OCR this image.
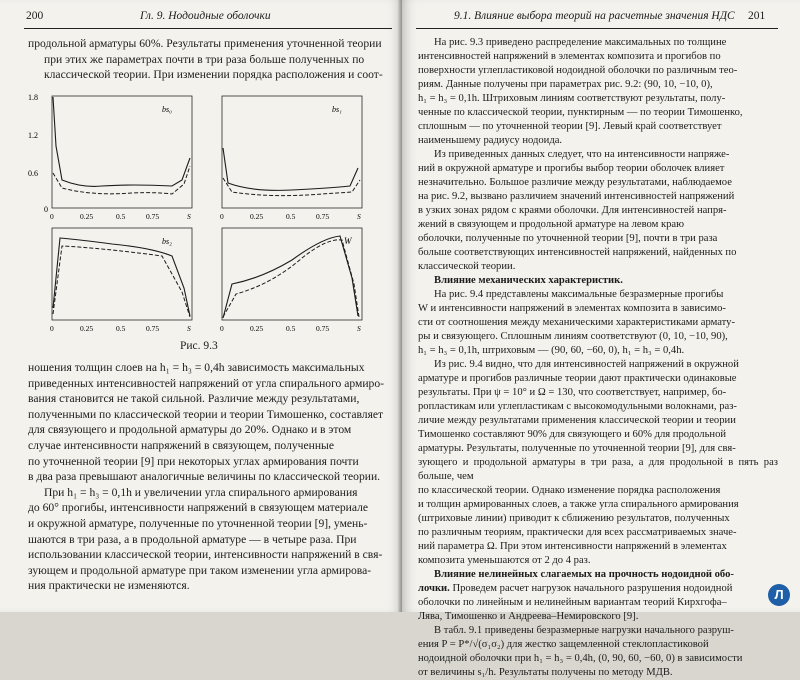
200	Гл. 9. Нодоидные оболочки

продольной арматуры 60%. Результаты применения уточненной теории

при этих же параметрах почти в три раза больше полученных по

классической теории. При изменении порядка расположения и соот-

1.8
1.2
0.6
0
bs₀
0	0.25	0.5	0.75	S
bs₁
0	0.25	0.5	0.75	S
bs₂
0	0.25	0.5	0.75	S
W
0	0.25	0.5	0.75	S
Рис. 9.3

ношения толщин слоев на h₁ = h₃ = 0,4h зависимость максимальных

приведенных интенсивностей напряжений от угла спирального армиро-

вания становится не такой сильной. Различие между результатами,

полученными по классической теории и теории Тимошенко, составляет

для связующего и продольной арматуры до 20%. Однако и в этом

случае интенсивности напряжений в связующем, полученные

по уточненной теории [9] при некоторых углах армирования почти

в два раза превышают аналогичные величины по классической теории.

При h₁ = h₃ = 0,1h и увеличении угла спирального армирования

до 60° прогибы, интенсивности напряжений в связующем материале

и окружной арматуре, полученные по уточненной теории [9], умень-

шаются в три раза, а в продольной арматуре — в четыре раза. При

использовании классической теории, интенсивности напряжений в свя-

зующем и продольной арматуре при таком изменении угла армирова-

ния практически не изменяются.

9.1. Влияние выбора теорий на расчетные значения НДС 201

На рис. 9.3 приведено распределение максимальных по толщине

интенсивностей напряжений в элементах композита и прогибов по

поверхности углепластиковой нодоидной оболочки по различным тео-

риям. Данные получены при параметрах рис. 9.2: (90, 10, −10, 0),

h₁ = h₃ = 0,1h. Штриховым линиям соответствуют результаты, полу-

ченные по классической теории, пунктирным — по теории Тимошенко,

сплошным — по уточненной теории [9]. Левый край соответствует

наименьшему радиусу нодоида.

Из приведенных данных следует, что на интенсивности напряже-

ний в окружной арматуре и прогибы выбор теории оболочек влияет

незначительно. Большое различие между результатами, наблюдаемое

на рис. 9.2, вызвано различием значений интенсивностей напряжений

в узких зонах рядом с краями оболочки. Для интенсивностей напря-

жений в связующем и продольной арматуре на левом краю

оболочки, полученные по уточненной теории [9], почти в три раза

больше соответствующих интенсивностей напряжений, найденных по

классической теории.

Влияние механических характеристик.

На рис. 9.4 представлены максимальные безразмерные прогибы

W и интенсивности напряжений в элементах композита в зависимо-

сти от соотношения между механическими характеристиками армату-

ры и связующего. Сплошным линиям соответствуют (0, 10, −10, 90),

h₁ = h₃ = 0,1h, штриховым — (90, 60, −60, 0), h₁ = h₃ = 0,4h.

Из рис. 9.4 видно, что для интенсивностей напряжений в окружной

арматуре и прогибов различные теории дают практически одинаковые

результаты. При ψ = 10° и Ω = 130, что соответствует, например, бо-

ропластикам или углепластикам с высокомодульными волокнами, раз-

личие между результатами применения классической теории и теории

Тимошенко составляют 90% для связующего и 60% для продольной

арматуры. Результаты, полученные по уточненной теории [9], для свя-

зующего и продольной арматуры в три раза, а для продольной в пять раз больше, чем

по классической теории. Однако изменение порядка расположения

и толщин армированных слоев, а также угла спирального армирования

(штриховые линии) приводит к сближению результатов, полученных

по различным теориям, практически для всех рассматриваемых значе-

ний параметра Ω. При этом интенсивности напряжений в элементах

композита уменьшаются от 2 до 4 раз.

Влияние нелинейных слагаемых на прочность нодоидной обо-

лочки. Проведем расчет нагрузок начального разрушения нодоидной

оболочки по линейным и нелинейным вариантам теорий Кирхгофа–

Лява, Тимошенко и Андреева–Немировского [9].

В табл. 9.1 приведены безразмерные нагрузки начального разруш-

ения P = P*/√(σ₁σ₂) для жестко защемленной стеклопластиковой

нодоидной оболочки при h₁ = h₃ = 0,4h, (0, 90, 60, −60, 0) в зависимости

от величины s₁/h. Результаты получены по методу МДВ.

Л
